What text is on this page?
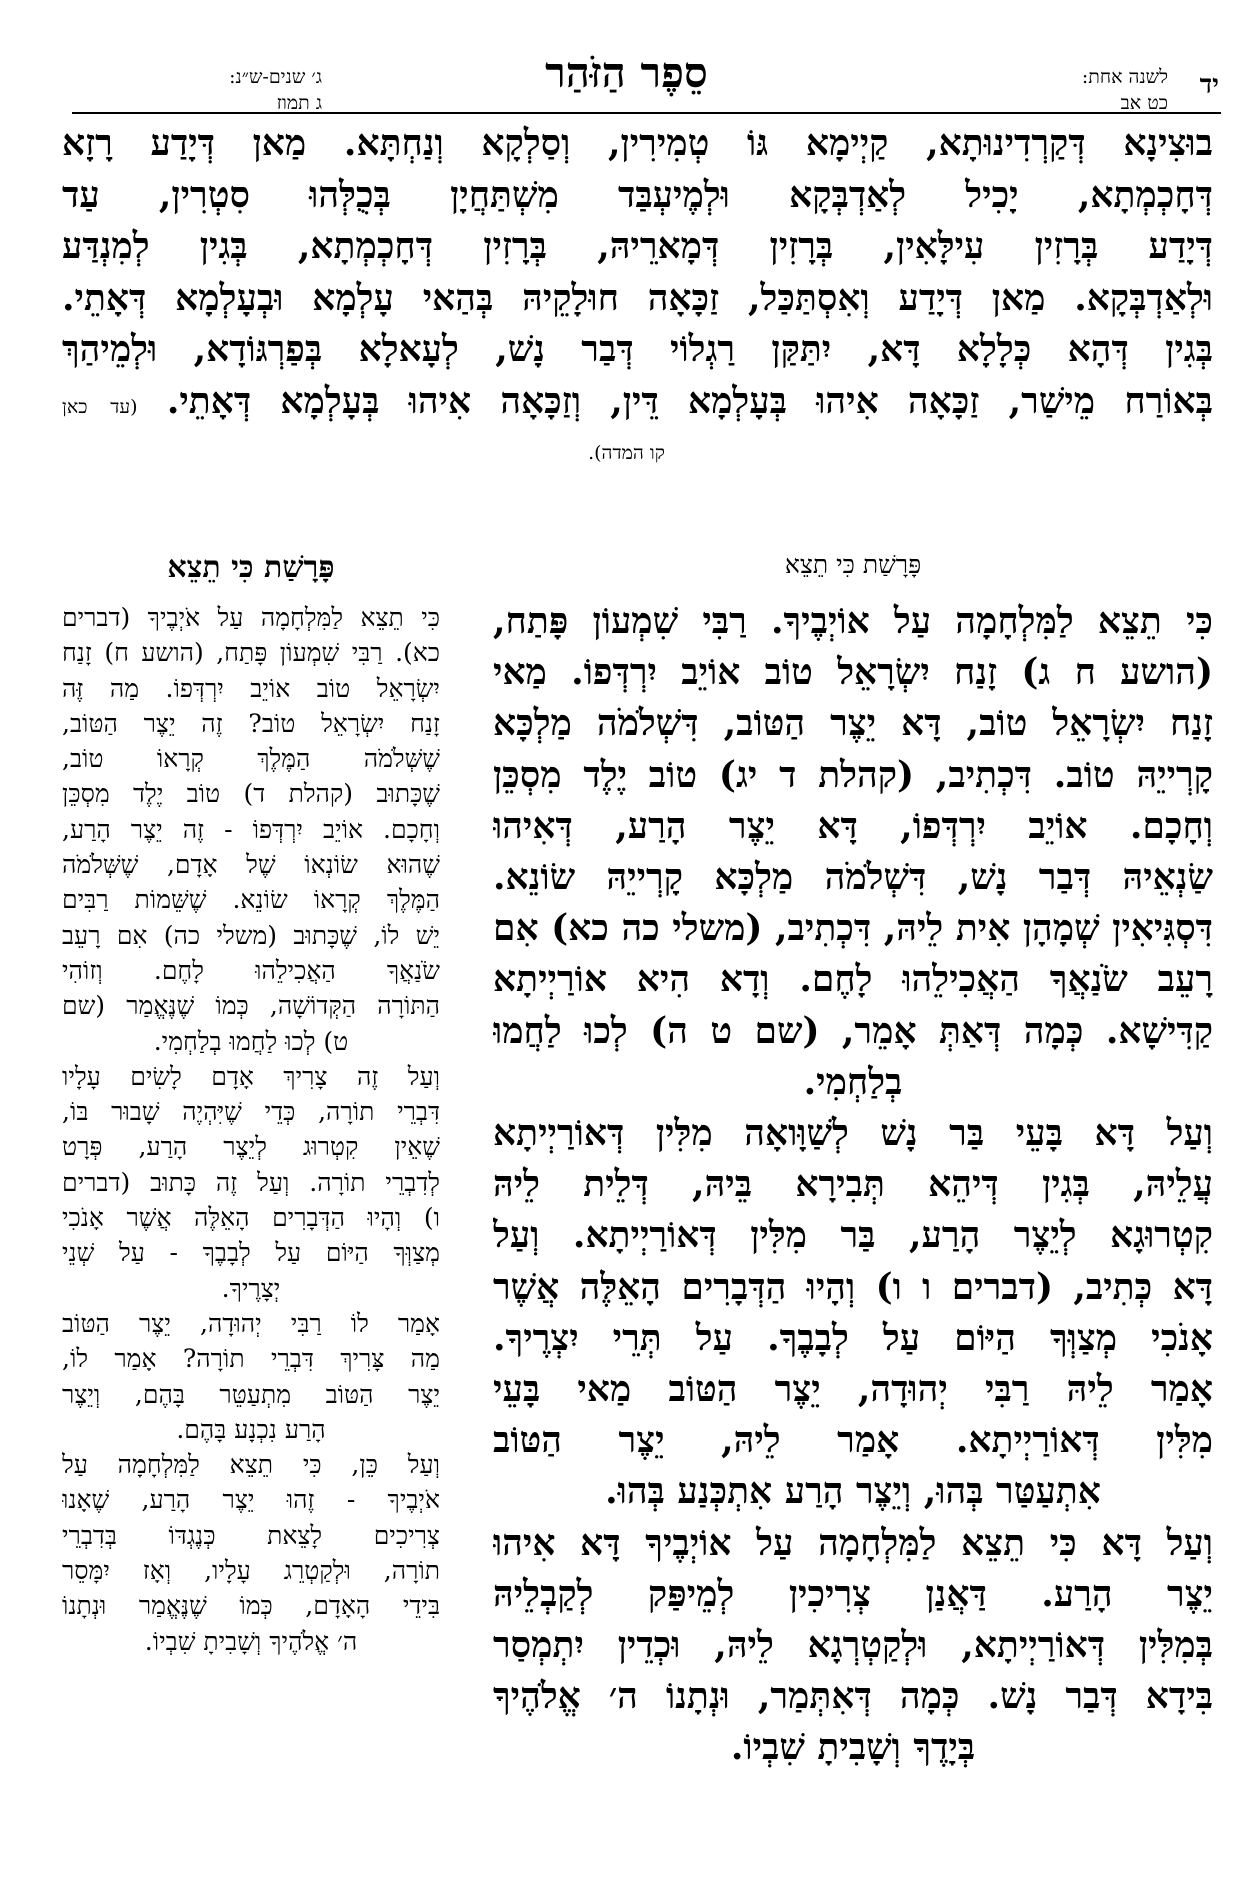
יד
לשנה אחת:
כט אב
סֵפֶר הַזֹּהַר
ג׳ שנים-ש״נ:
ג תמוז
בוּצִינָא דְּקַרְדִינוּתָא, קַיְימָא גּוֹ טְמִירִין, וְסַלְקָא וְנַחְתָּא. מַאן דְּיָדַע רָזָא
דְּחָכְמְתָא, יָכִיל לְאַדְבְּקָא וּלְמֶיעְבַּד מִשְׁתַּחֲיָן בְּכֻלְּהוּ סִטְרִין, עַד
דְּיָדַע בְּרָזִין עִילָּאִין, בְּרָזִין דְּמָארֵיהּ, בְּרָזִין דְּחָכְמְתָא, בְּגִין לְמִנְדַּע
וּלְאַדְבְּקָא. מַאן דְּיָדַע וְאִסְתַּכַּל, זַכָּאָה חוּלָקֵיהּ בְּהַאי עָלְמָא וּבְעָלְמָא דְּאָתֵי.
בְּגִין דְּהָא כְּלָלָא דָּא, יִתַּקַּן רַגְלוֹי דְּבַר נָשׁ, לְעָאלָא בְּפַרְגּוֹדָא, וּלְמֵיהַךְ
בְּאוֹרַח מֵישַׁר, זַכָּאָה אִיהוּ בְּעָלְמָא דֵּין, וְזַכָּאָה אִיהוּ בְּעָלְמָא דְּאָתֵי. (עד כאן
קו המדה).
פָּרָשַׁת כִּי תֵצֵא
פָּרָשַׁת כִּי תֵצֵא
כִּי תֵצֵא לַמִּלְחָמָה עַל אוֹיְבֶיךָ. רַבִּי שִׁמְעוֹן פָּתַח,
(הושע ח ג) זָנַח יִשְׂרָאֵל טוֹב אוֹיֵב יִרְדְּפוֹ. מַאי
זָנַח יִשְׂרָאֵל טוֹב, דָּא יֵצֶר הַטּוֹב, דִּשְׁלֹמֹה מַלְכָּא
קָרְייֵהּ טוֹב. דִּכְתִיב, (קהלת ד יג) טוֹב יֶלֶד מִסְכֵּן
וְחָכָם. אוֹיֵב יִרְדְּפוֹ, דָּא יֵצֶר הָרַע, דְּאִיהוּ
שַׂנְאֵיהּ דְּבַר נָשׁ, דִּשְׁלֹמֹה מַלְכָּא קָרְייֵהּ שׂוֹנֵא.
דִּסְגִּיאִין שְׁמָהָן אִית לֵיהּ, דִּכְתִיב, (משלי כה כא) אִם
רָעֵב שֹׂנַאֲךָ הַאֲכִילֵהוּ לָחֶם. וְדָא הִיא אוֹרַיְיתָא
קַדִּישָׁא. כְּמָה דְּאַתְּ אָמֵר, (שם ט ה) לְכוּ לַחֲמוּ
בְלַחְמִי.
וְעַל דָּא בָּעֵי בַּר נָשׁ לְשַׁוָּואָה מִלִּין דְּאוֹרַיְיתָא
עֲלֵיהּ, בְּגִין דְּיהֵא תְּבִירָא בֵּיהּ, דְּלֵית לֵיהּ
קִטְרוּגָא לְיֵצֶר הָרַע, בַּר מִלִּין דְּאוֹרַיְיתָא. וְעַל
דָּא כְּתִיב, (דברים ו ו) וְהָיוּ הַדְּבָרִים הָאֵלֶּה אֲשֶׁר
אָנֹכִי מְצַוְּךָ הַיּוֹם עַל לְבָבֶךָ. עַל תְּרֵי יִצְרֶיךָ.
אָמַר לֵיהּ רַבִּי יְהוּדָה, יֵצֶר הַטּוֹב מַאי בָּעֵי
מִלִּין דְּאוֹרַיְיתָא. אָמַר לֵיהּ, יֵצֶר הַטּוֹב
אִתְעַטַּר בְּהוּ, וְיֵצֶר הָרַע אִתְכְּנַע בְּהוּ.
וְעַל דָּא כִּי תֵצֵא לַמִּלְחָמָה עַל אוֹיְבֶיךָ דָּא אִיהוּ
יֵצֶר הָרַע. דַּאֲנַן צְרִיכִין לְמֵיפַּק לְקַבְלֵיהּ
בְּמִלִּין דְּאוֹרַיְיתָא, וּלְקַטְרְגָא לֵיהּ, וּכְדֵין יִתְמְסַר
בִּידָא דְּבַר נָשׁ. כְּמָה דְּאִתְּמַר, וּנְתָנוֹ ה׳ אֱלֹהֶיךָ
בְּיָדֶךָ וְשָׁבִיתָ שִׁבְיוֹ.
כִּי תֵצֵא לַמִּלְחָמָה עַל אֹיְבֶיךָ (דברים
כא). רַבִּי שִׁמְעוֹן פָּתַח, (הושע ח) זָנַח
יִשְׂרָאֵל טוֹב אוֹיֵב יִרְדְּפוֹ. מַה זֶּה
זָנַח יִשְׂרָאֵל טוֹב? זֶה יֵצֶר הַטּוֹב,
שֶׁשְּׁלֹמֹה הַמֶּלֶךְ קְרָאוֹ טוֹב,
שֶׁכָּתוּב (קהלת ד) טוֹב יֶלֶד מִסְכֵּן
וְחָכָם. אוֹיֵב יִרְדְּפוֹ - זֶה יֵצֶר הָרַע,
שֶׁהוּא שׂוֹנְאוֹ שֶׁל אָדָם, שֶׁשְּׁלֹמֹה
הַמֶּלֶךְ קְרָאוֹ שׂוֹנֵא. שֶׁשֵּׁמוֹת רַבִּים
יֵשׁ לוֹ, שֶׁכָּתוּב (משלי כה) אִם רָעֵב
שֹׂנַאֲךָ הַאֲכִילֵהוּ לָחֶם. וְזוֹהִי
הַתּוֹרָה הַקְּדוֹשָׁה, כְּמוֹ שֶׁנֶּאֱמַר (שם
ט) לְכוּ לַחֲמוּ בְלַחְמִי.
וְעַל זֶה צָרִיךְ אָדָם לָשִׂים עָלָיו
דִּבְרֵי תוֹרָה, כְּדֵי שֶׁיִּהְיֶה שָׁבוּר בּוֹ,
שֶׁאֵין קִטְרוּג לְיֵצֶר הָרַע, פְּרָט
לְדִבְרֵי תוֹרָה. וְעַל זֶה כָּתוּב (דברים
ו) וְהָיוּ הַדְּבָרִים הָאֵלֶּה אֲשֶׁר אָנֹכִי
מְצַוְּךָ הַיּוֹם עַל לְבָבֶךָ - עַל שְׁנֵי
יְצָרֶיךָ.
אָמַר לוֹ רַבִּי יְהוּדָה, יֵצֶר הַטּוֹב
מַה צָּרִיךְ דִּבְרֵי תוֹרָה? אָמַר לוֹ,
יֵצֶר הַטּוֹב מִתְעַטֵּר בָּהֶם, וְיֵצֶר
הָרַע נִכְנָע בָּהֶם.
וְעַל כֵּן, כִּי תֵצֵא לַמִּלְחָמָה עַל
אֹיְבֶיךָ - זֶהוּ יֵצֶר הָרַע, שֶׁאָנוּ
צְרִיכִים לָצֵאת כְּנֶגְדּוֹ בְּדִבְרֵי
תוֹרָה, וּלְקַטְרֵג עָלָיו, וְאָז יִמָּסֵר
בִּידֵי הָאָדָם, כְּמוֹ שֶׁנֶּאֱמַר וּנְתָנוֹ
ה׳ אֱלֹהֶיךָ וְשָׁבִיתָ שִׁבְיוֹ.
